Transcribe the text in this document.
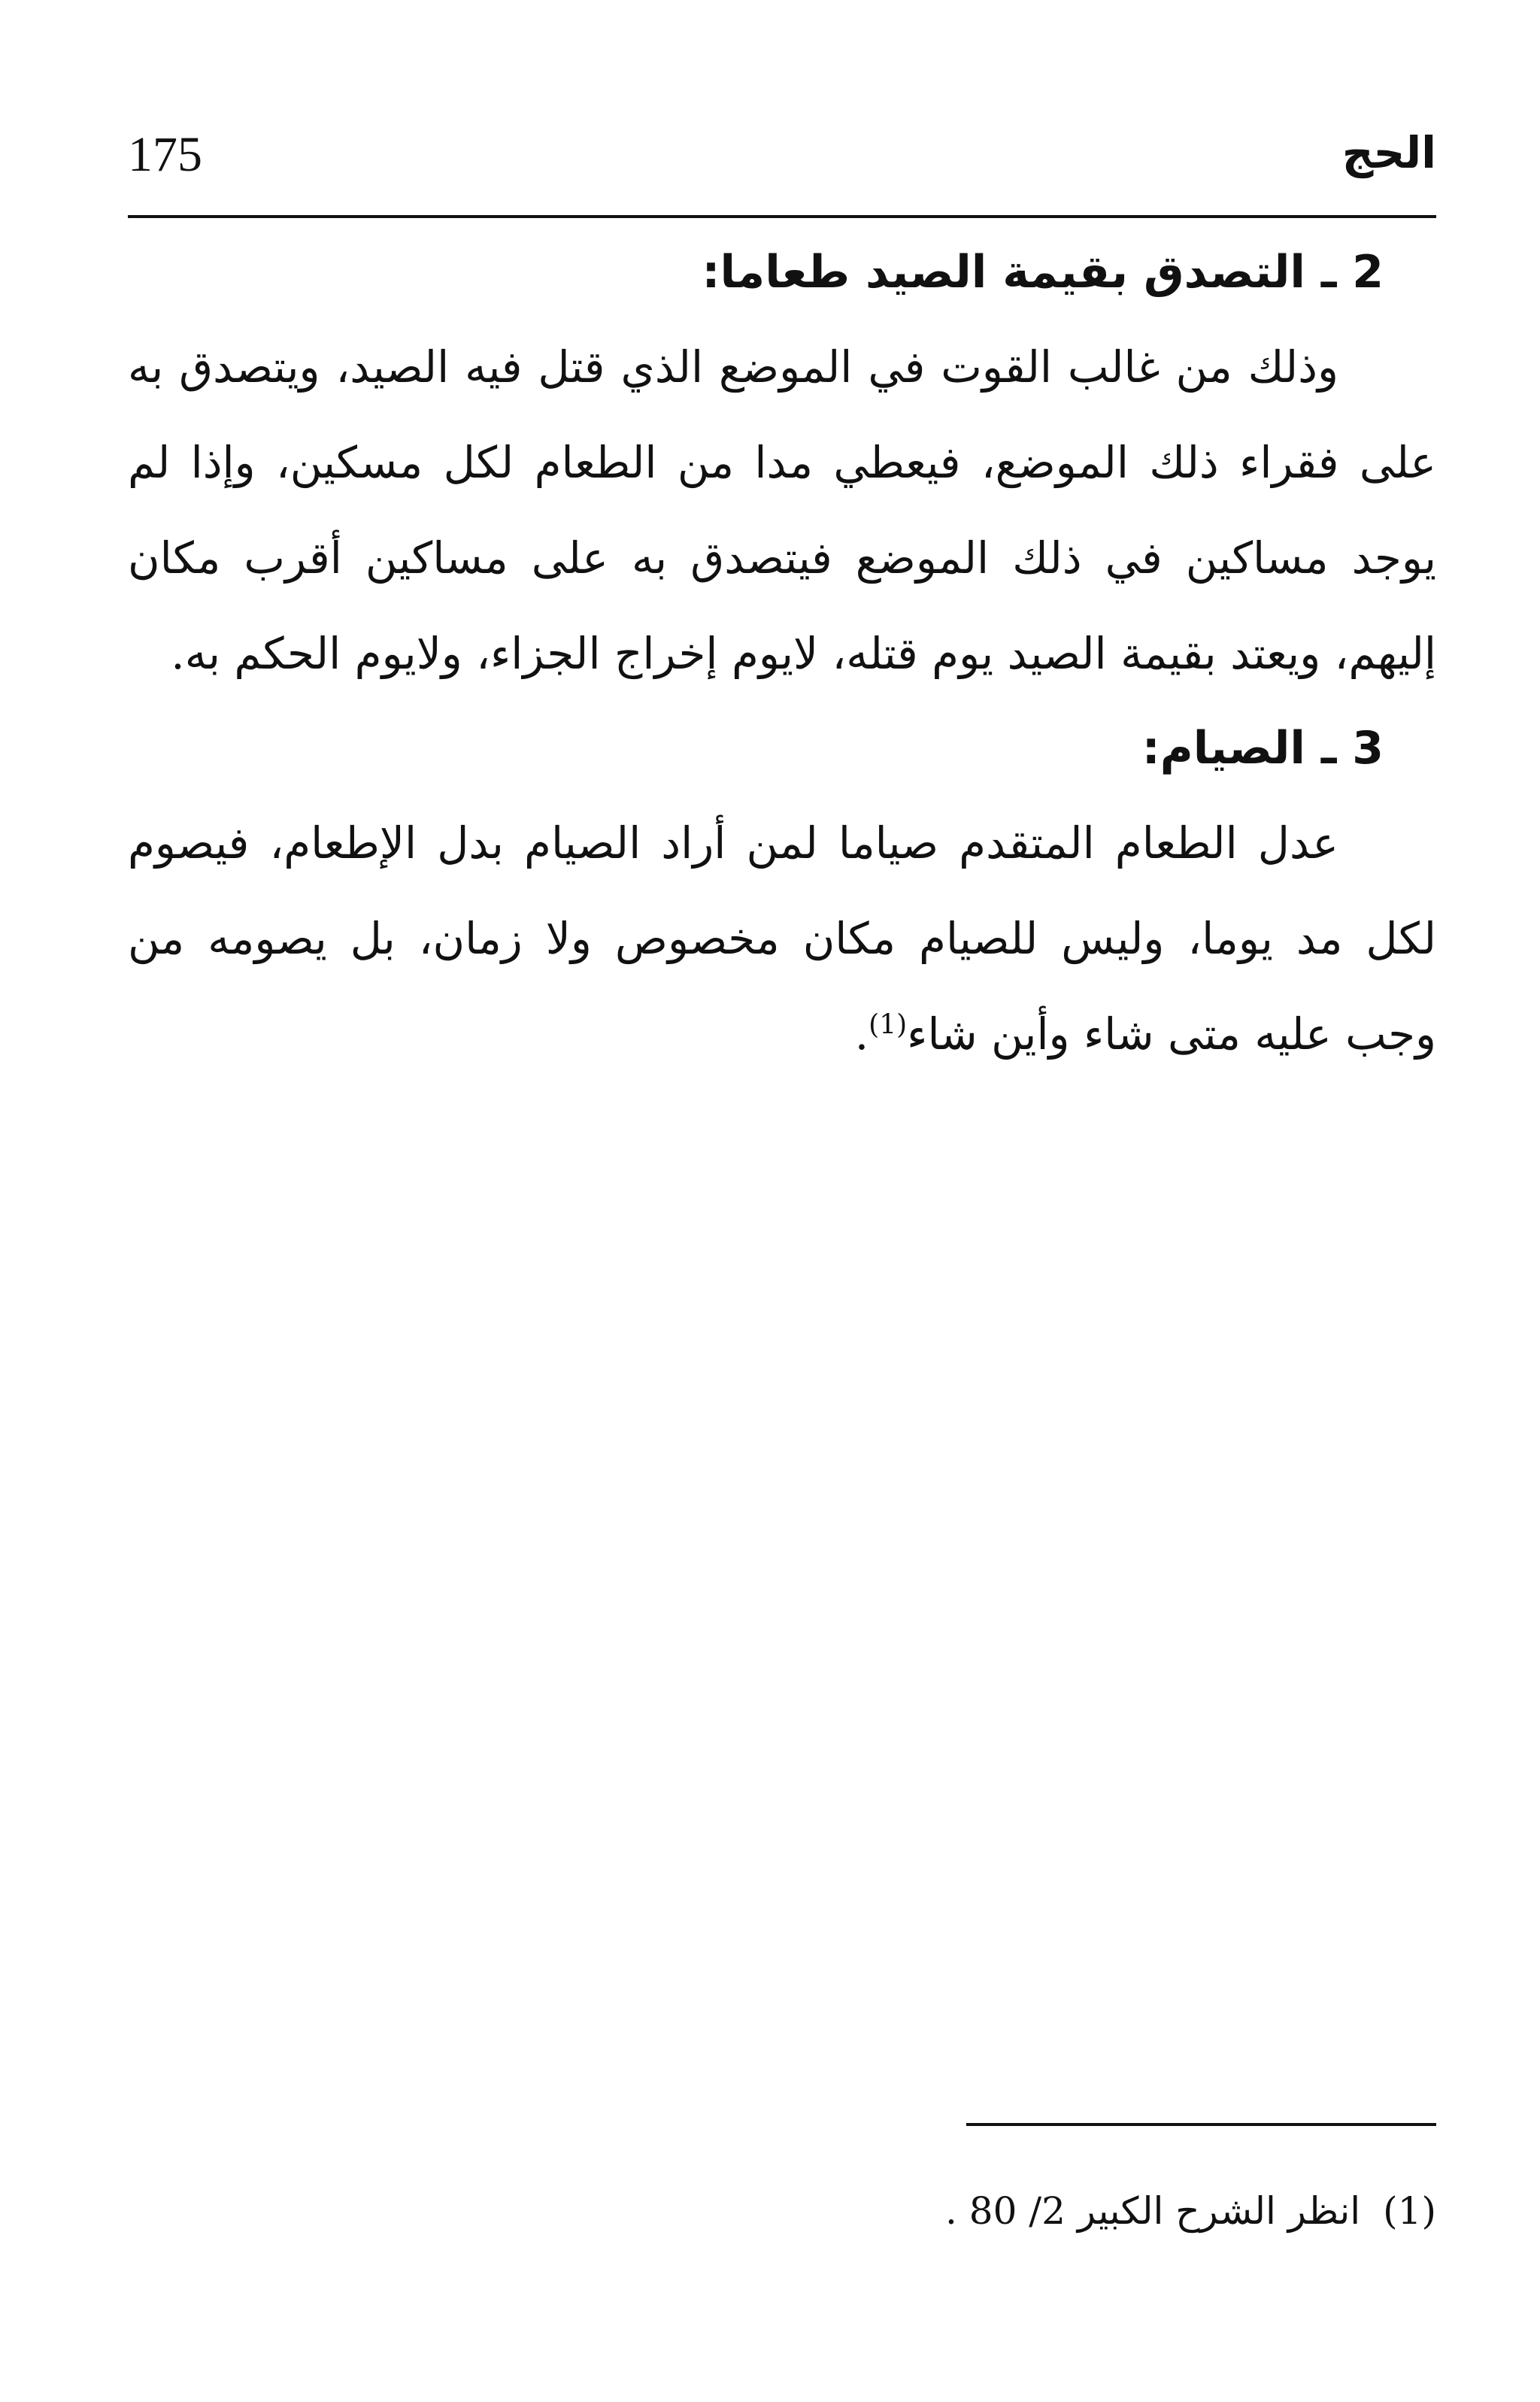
175	الحج
2 ـ التصدق بقيمة الصيد طعاما:

وذلك من غالب القوت في الموضع الذي قتل فيه الصيد، ويتصدق به على فقراء ذلك الموضع، فيعطي مدا من الطعام لكل مسكين، وإذا لم يوجد مساكين في ذلك الموضع فيتصدق به على مساكين أقرب مكان إليهم، ويعتد بقيمة الصيد يوم قتله، لايوم إخراج الجزاء، ولايوم الحكم به.

3 ـ الصيام:

عدل الطعام المتقدم صياما لمن أراد الصيام بدل الإطعام، فيصوم لكل مد يوما، وليس للصيام مكان مخصوص ولا زمان، بل يصومه من وجب عليه متى شاء وأين شاء$^{(1)}$.

(1)انظر الشرح الكبير 2/ 80 .
